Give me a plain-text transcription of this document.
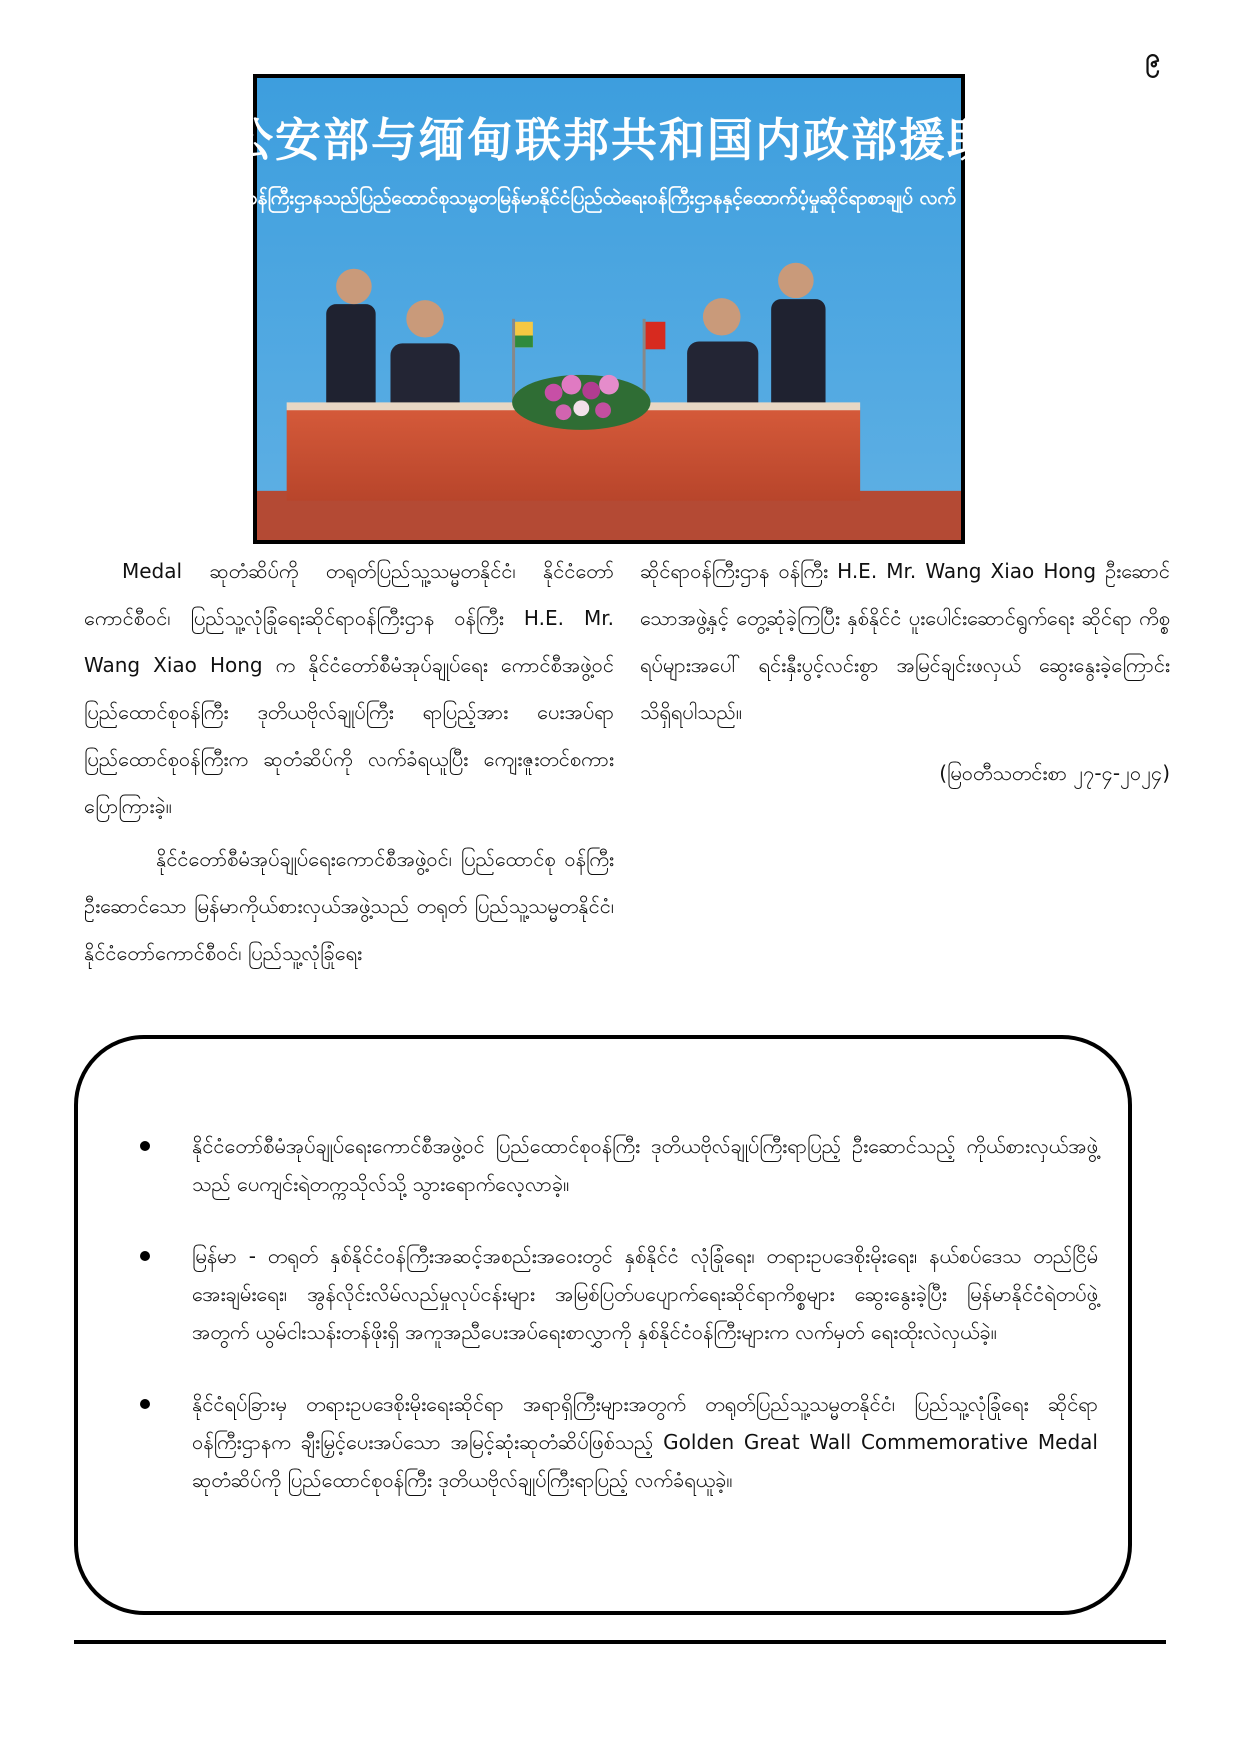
၉
公安部与缅甸联邦共和国内政部援助换文
ဝန်ကြီးဌာနသည်ပြည်ထောင်စုသမ္မတမြန်မာနိုင်ငံပြည်ထဲရေးဝန်ကြီးဌာနနှင့်ထောက်ပံ့မှုဆိုင်ရာစာချုပ် လက်

Medal ဆုတံဆိပ်ကို တရုတ်ပြည်သူ့သမ္မတနိုင်ငံ၊ နိုင်ငံတော် ကောင်စီဝင်၊ ပြည်သူ့လုံခြုံရေးဆိုင်ရာဝန်ကြီးဌာန ဝန်ကြီး H.E. Mr. Wang Xiao Hong က နိုင်ငံတော်စီမံအုပ်ချုပ်ရေး ကောင်စီအဖွဲ့ဝင် ပြည်ထောင်စုဝန်ကြီး ဒုတိယဗိုလ်ချုပ်ကြီး ရာပြည့်အား ပေးအပ်ရာ ပြည်ထောင်စုဝန်ကြီးက ဆုတံဆိပ်ကို လက်ခံရယူပြီး ကျေးဇူးတင်စကား ပြောကြားခဲ့။

နိုင်ငံတော်စီမံအုပ်ချုပ်ရေးကောင်စီအဖွဲ့ဝင်၊ ပြည်ထောင်စု ဝန်ကြီး ဦးဆောင်သော မြန်မာကိုယ်စားလှယ်အဖွဲ့သည် တရုတ် ပြည်သူ့သမ္မတနိုင်ငံ၊ နိုင်ငံတော်ကောင်စီဝင်၊ ပြည်သူ့လုံခြုံရေး

ဆိုင်ရာဝန်ကြီးဌာန ဝန်ကြီး H.E. Mr. Wang Xiao Hong ဦးဆောင် သောအဖွဲ့နှင့် တွေ့ဆုံခဲ့ကြပြီး နှစ်နိုင်ငံ ပူးပေါင်းဆောင်ရွက်ရေး ဆိုင်ရာ ကိစ္စရပ်များအပေါ် ရင်းနှီးပွင့်လင်းစွာ အမြင်ချင်းဖလှယ် ဆွေးနွေးခဲ့ကြောင်း သိရှိရပါသည်။

(မြဝတီသတင်းစာ ၂၇-၄-၂၀၂၄)

နိုင်ငံတော်စီမံအုပ်ချုပ်ရေးကောင်စီအဖွဲ့ဝင် ပြည်ထောင်စုဝန်ကြီး ဒုတိယဗိုလ်ချုပ်ကြီးရာပြည့် ဦးဆောင်သည့် ကိုယ်စားလှယ်အဖွဲ့သည် ပေကျင်းရဲတက္ကသိုလ်သို့ သွားရောက်လေ့လာခဲ့။
မြန်မာ - တရုတ် နှစ်နိုင်ငံဝန်ကြီးအဆင့်အစည်းအဝေးတွင် နှစ်နိုင်ငံ လုံခြုံရေး၊ တရားဥပဒေစိုးမိုးရေး၊ နယ်စပ်ဒေသ တည်ငြိမ်အေးချမ်းရေး၊ အွန်လိုင်းလိမ်လည်မှုလုပ်ငန်းများ အမြစ်ပြတ်ပပျောက်ရေးဆိုင်ရာကိစ္စများ ဆွေးနွေးခဲ့ပြီး မြန်မာနိုင်ငံရဲတပ်ဖွဲ့အတွက် ယွမ်ငါးသန်းတန်ဖိုးရှိ အကူအညီပေးအပ်ရေးစာလွှာကို နှစ်နိုင်ငံဝန်ကြီးများက လက်မှတ် ရေးထိုးလဲလှယ်ခဲ့။
နိုင်ငံရပ်ခြားမှ တရားဥပဒေစိုးမိုးရေးဆိုင်ရာ အရာရှိကြီးများအတွက် တရုတ်ပြည်သူ့သမ္မတနိုင်ငံ၊ ပြည်သူ့လုံခြုံရေး ဆိုင်ရာဝန်ကြီးဌာနက ချီးမြှင့်ပေးအပ်သော အမြင့်ဆုံးဆုတံဆိပ်ဖြစ်သည့် Golden Great Wall Commemorative Medal ဆုတံဆိပ်ကို ပြည်ထောင်စုဝန်ကြီး ဒုတိယဗိုလ်ချုပ်ကြီးရာပြည့် လက်ခံရယူခဲ့။
